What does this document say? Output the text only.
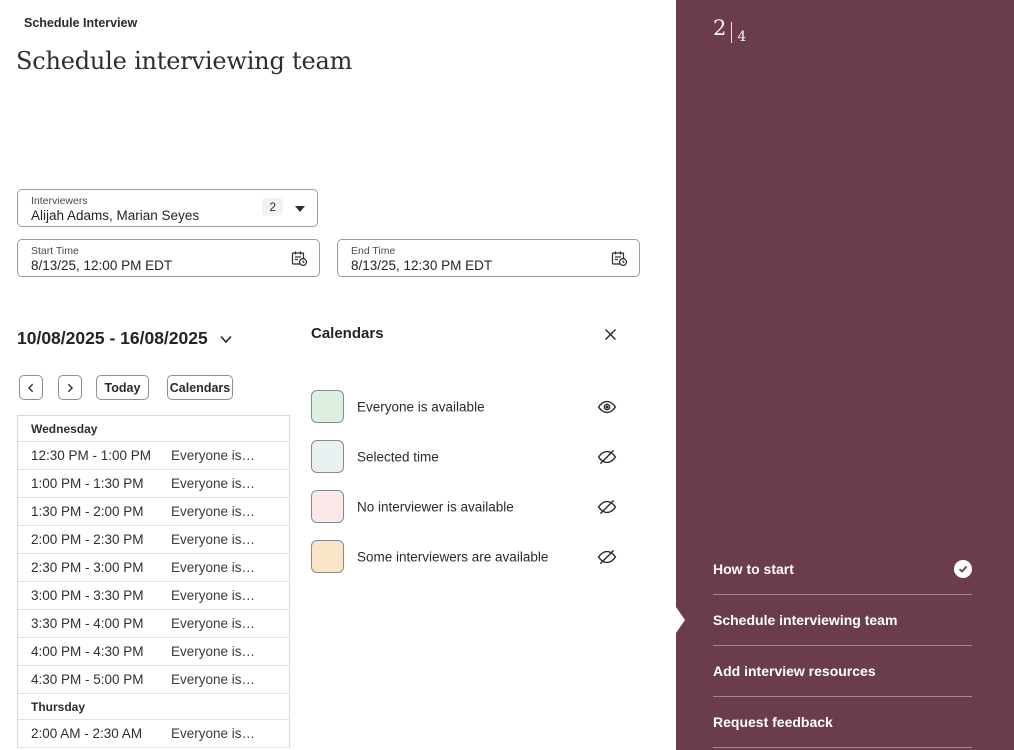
Schedule Interview
Schedule interviewing team
Interviewers
Alijah Adams, Marian Seyes
2
Start Time
8/13/25, 12:00 PM EDT
End Time
8/13/25, 12:30 PM EDT
10/08/2025 - 16/08/2025
Today	Calendars
Wednesday
12:30 PM - 1:00 PM	Everyone is…
1:00 PM - 1:30 PM	Everyone is…
1:30 PM - 2:00 PM	Everyone is…
2:00 PM - 2:30 PM	Everyone is…
2:30 PM - 3:00 PM	Everyone is…
3:00 PM - 3:30 PM	Everyone is…
3:30 PM - 4:00 PM	Everyone is…
4:00 PM - 4:30 PM	Everyone is…
4:30 PM - 5:00 PM	Everyone is…
Thursday
2:00 AM - 2:30 AM	Everyone is…
Calendars
Everyone is available
Selected time
No interviewer is available
Some interviewers are available
2 4
How to start
Schedule interviewing team
Add interview resources
Request feedback
